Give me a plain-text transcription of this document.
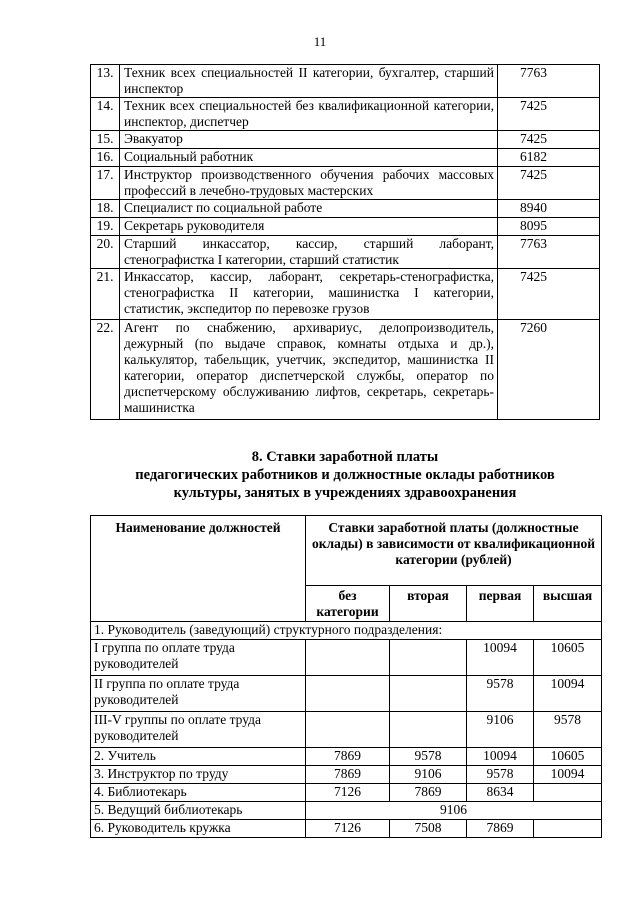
11
13.	Техник всех специальностей II категории, бухгалтер, старший инспектор	7763
14.	Техник всех специальностей без квалификационной категории, инспектор, диспетчер	7425
15.	Эвакуатор	7425
16.	Социальный работник	6182
17.	Инструктор производственного обучения рабочих массовых профессий в лечебно-трудовых мастерских	7425
18.	Специалист по социальной работе	8940
19.	Секретарь руководителя	8095
20.	Старший инкассатор, кассир, старший лаборант, стенографистка I категории, старший статистик	7763
21.	Инкассатор, кассир, лаборант, секретарь-стенографистка, стенографистка II категории, машинистка I категории, статистик, экспедитор по перевозке грузов	7425
22.	Агент по снабжению, архивариус, делопроизводитель, дежурный (по выдаче справок, комнаты отдыха и др.), калькулятор, табельщик, учетчик, экспедитор, машинистка II категории, оператор диспетчерской службы, оператор по диспетчерскому обслуживанию лифтов, секретарь, секретарь-машинистка	7260
8. Ставки заработной платы
педагогических работников и должностные оклады работников
культуры, занятых в учреждениях здравоохранения
Наименование должностей	Ставки заработной платы (должностные оклады) в зависимости от квалификационной категории (рублей)			
	без категории	вторая	первая	высшая
1. Руководитель (заведующий) структурного подразделения:				
I группа по оплате труда руководителей			10094	10605
II группа по оплате труда руководителей			9578	10094
III-V группы по оплате труда руководителей			9106	9578
2. Учитель	7869	9578	10094	10605
3. Инструктор по труду	7869	9106	9578	10094
4. Библиотекарь	7126	7869	8634	
5. Ведущий библиотекарь	9106			
6. Руководитель кружка	7126	7508	7869	
